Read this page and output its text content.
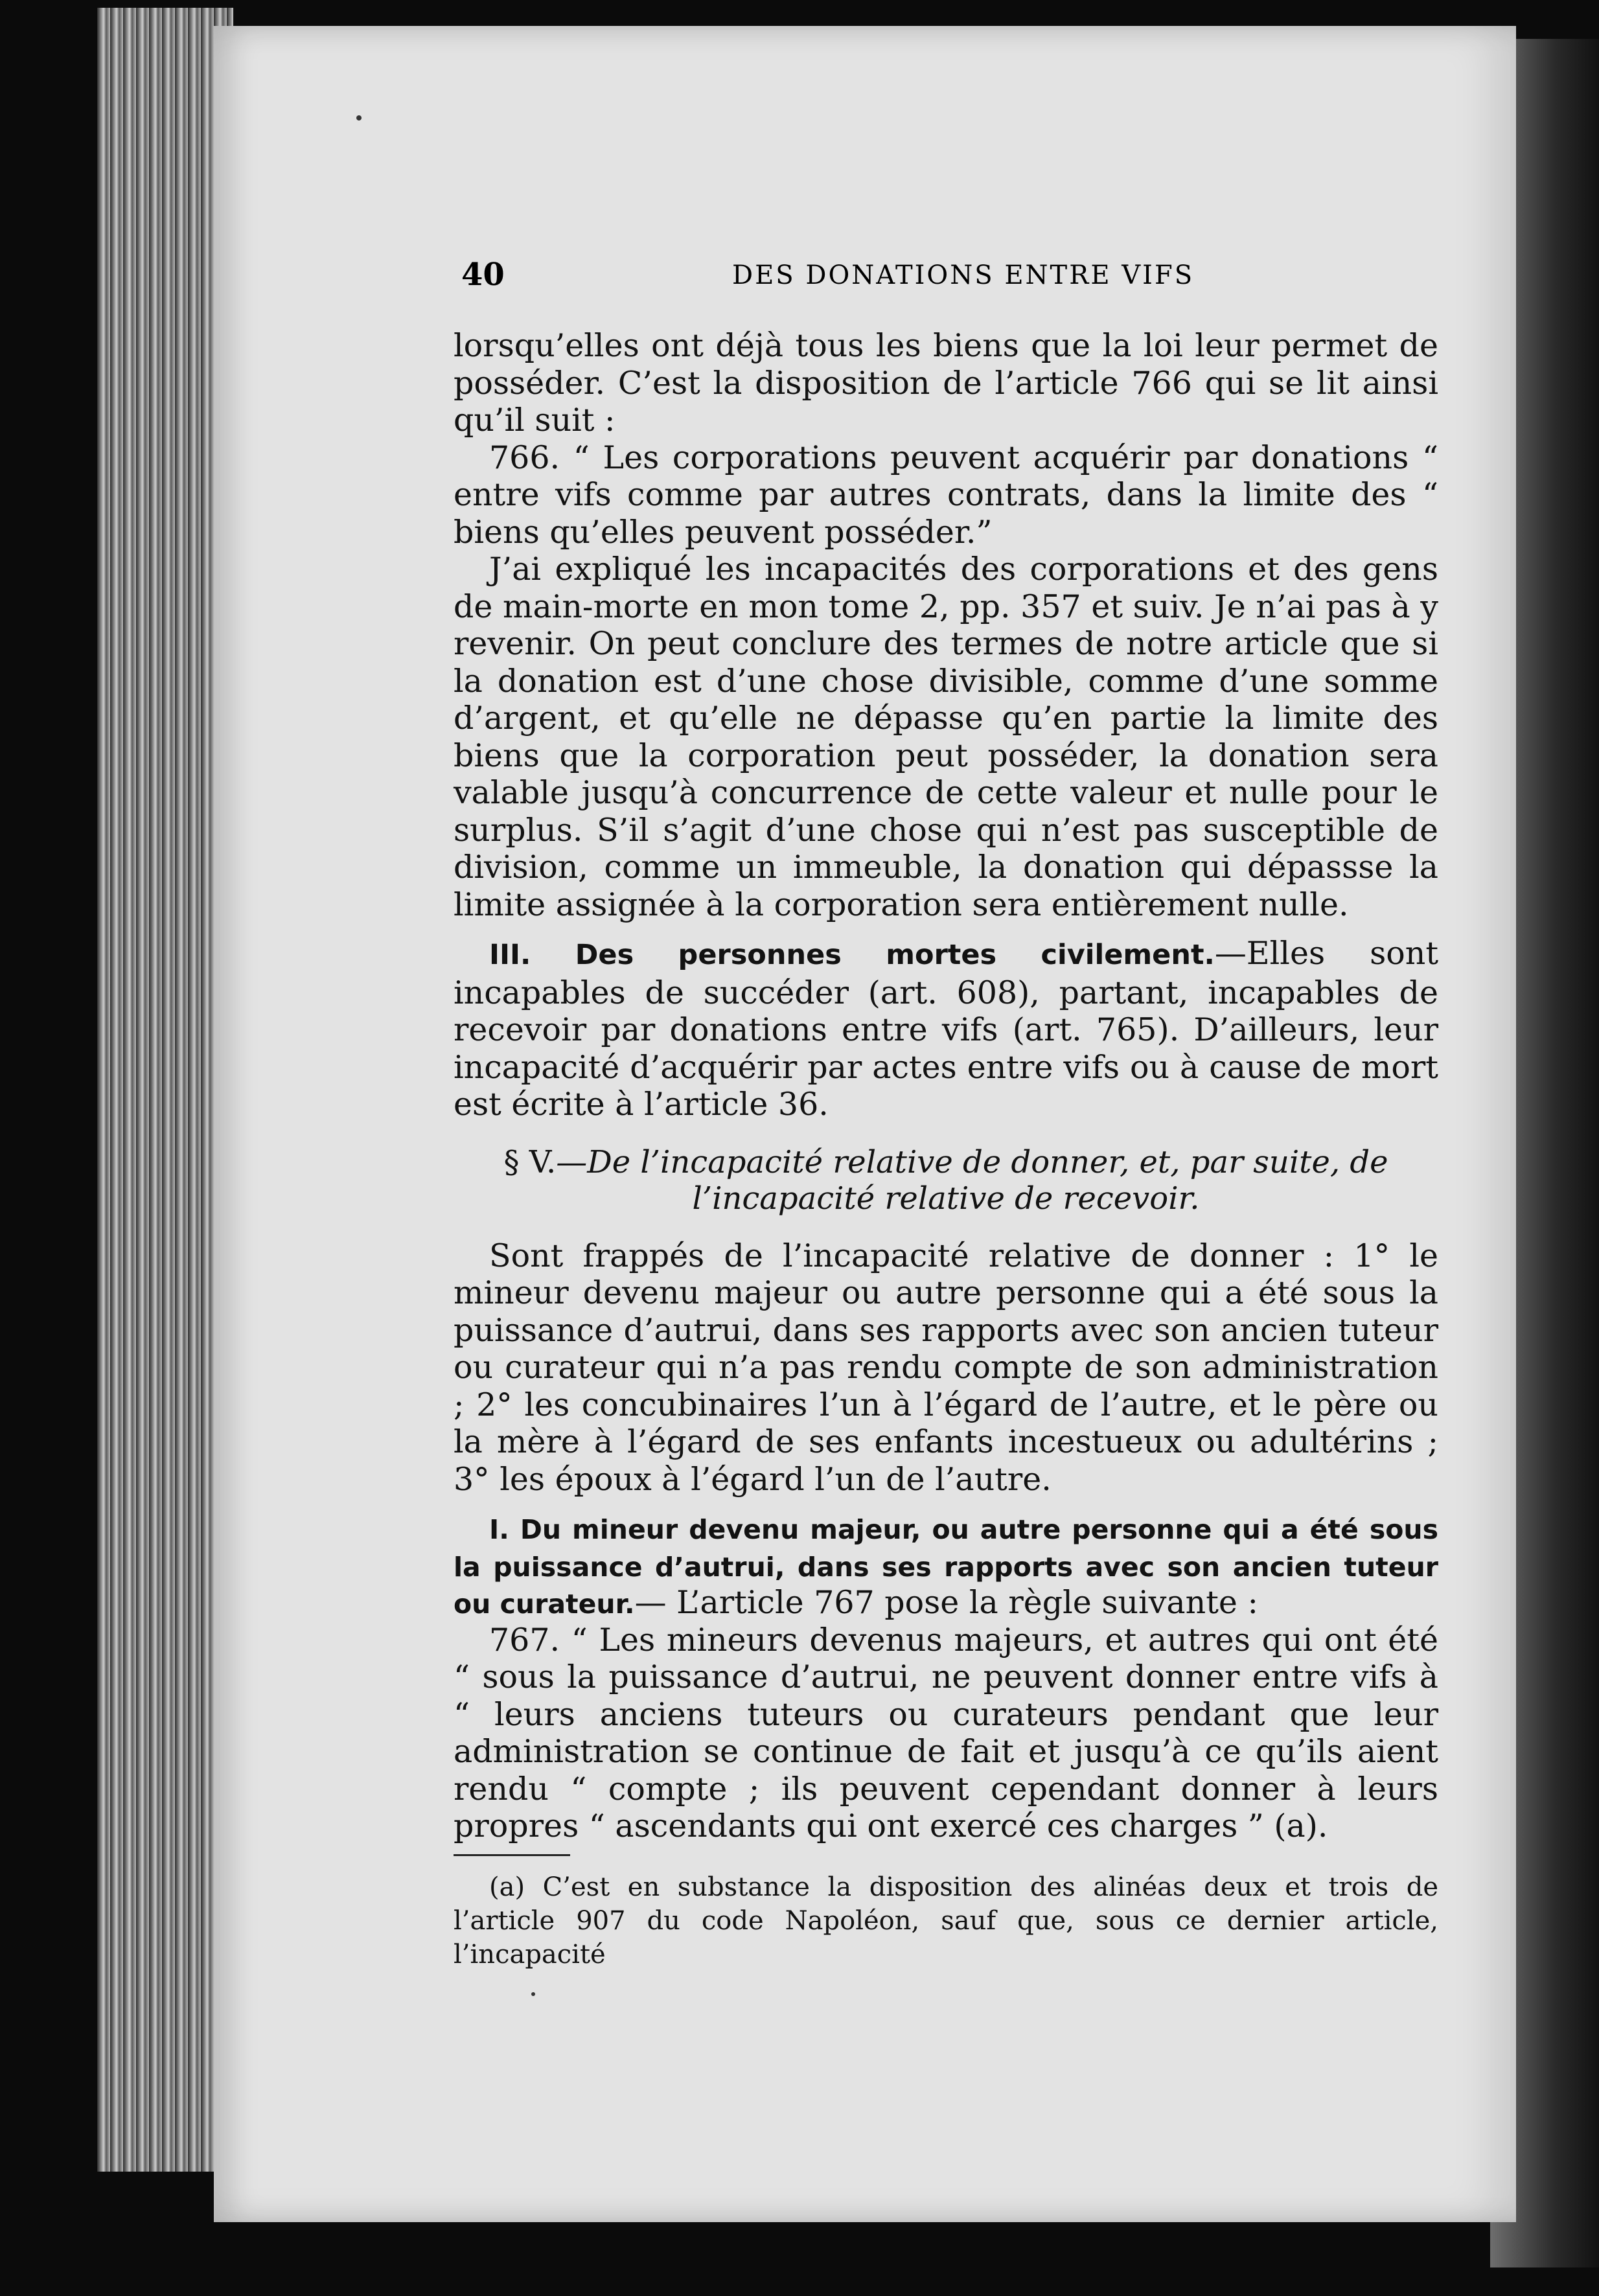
40	DES DONATIONS ENTRE VIFS

lorsqu’elles ont déjà tous les biens que la loi leur permet de posséder. C’est la disposition de l’article 766 qui se lit ainsi qu’il suit :

766. “ Les corporations peuvent acquérir par donations “ entre vifs comme par autres contrats, dans la limite des “ biens qu’elles peuvent posséder.”

J’ai expliqué les incapacités des corporations et des gens de main-morte en mon tome 2, pp. 357 et suiv. Je n’ai pas à y revenir. On peut conclure des termes de notre article que si la donation est d’une chose divisible, comme d’une somme d’argent, et qu’elle ne dépasse qu’en partie la limite des biens que la corporation peut posséder, la donation sera valable jusqu’à concurrence de cette valeur et nulle pour le surplus. S’il s’agit d’une chose qui n’est pas susceptible de division, comme un immeuble, la donation qui dépassse la limite assignée à la corporation sera entièrement nulle.

III. Des personnes mortes civilement.—Elles sont incapables de succéder (art. 608), partant, incapables de recevoir par donations entre vifs (art. 765). D’ailleurs, leur incapacité d’acquérir par actes entre vifs ou à cause de mort est écrite à l’article 36.

§ V.—De l’incapacité relative de donner, et, par suite, de l’incapacité relative de recevoir.

Sont frappés de l’incapacité relative de donner : 1° le mineur devenu majeur ou autre personne qui a été sous la puissance d’autrui, dans ses rapports avec son ancien tuteur ou curateur qui n’a pas rendu compte de son administration ; 2° les concubinaires l’un à l’égard de l’autre, et le père ou la mère à l’égard de ses enfants incestueux ou adultérins ; 3° les époux à l’égard l’un de l’autre.

I. Du mineur devenu majeur, ou autre personne qui a été sous la puissance d’autrui, dans ses rapports avec son ancien tuteur ou curateur.— L’article 767 pose la règle suivante :

767. “ Les mineurs devenus majeurs, et autres qui ont été “ sous la puissance d’autrui, ne peuvent donner entre vifs à “ leurs anciens tuteurs ou curateurs pendant que leur administration se continue de fait et jusqu’à ce qu’ils aient rendu “ compte ; ils peuvent cependant donner à leurs propres “ ascendants qui ont exercé ces charges ” (a).

(a) C’est en substance la disposition des alinéas deux et trois de l’article 907 du code Napoléon, sauf que, sous ce dernier article, l’incapacité
